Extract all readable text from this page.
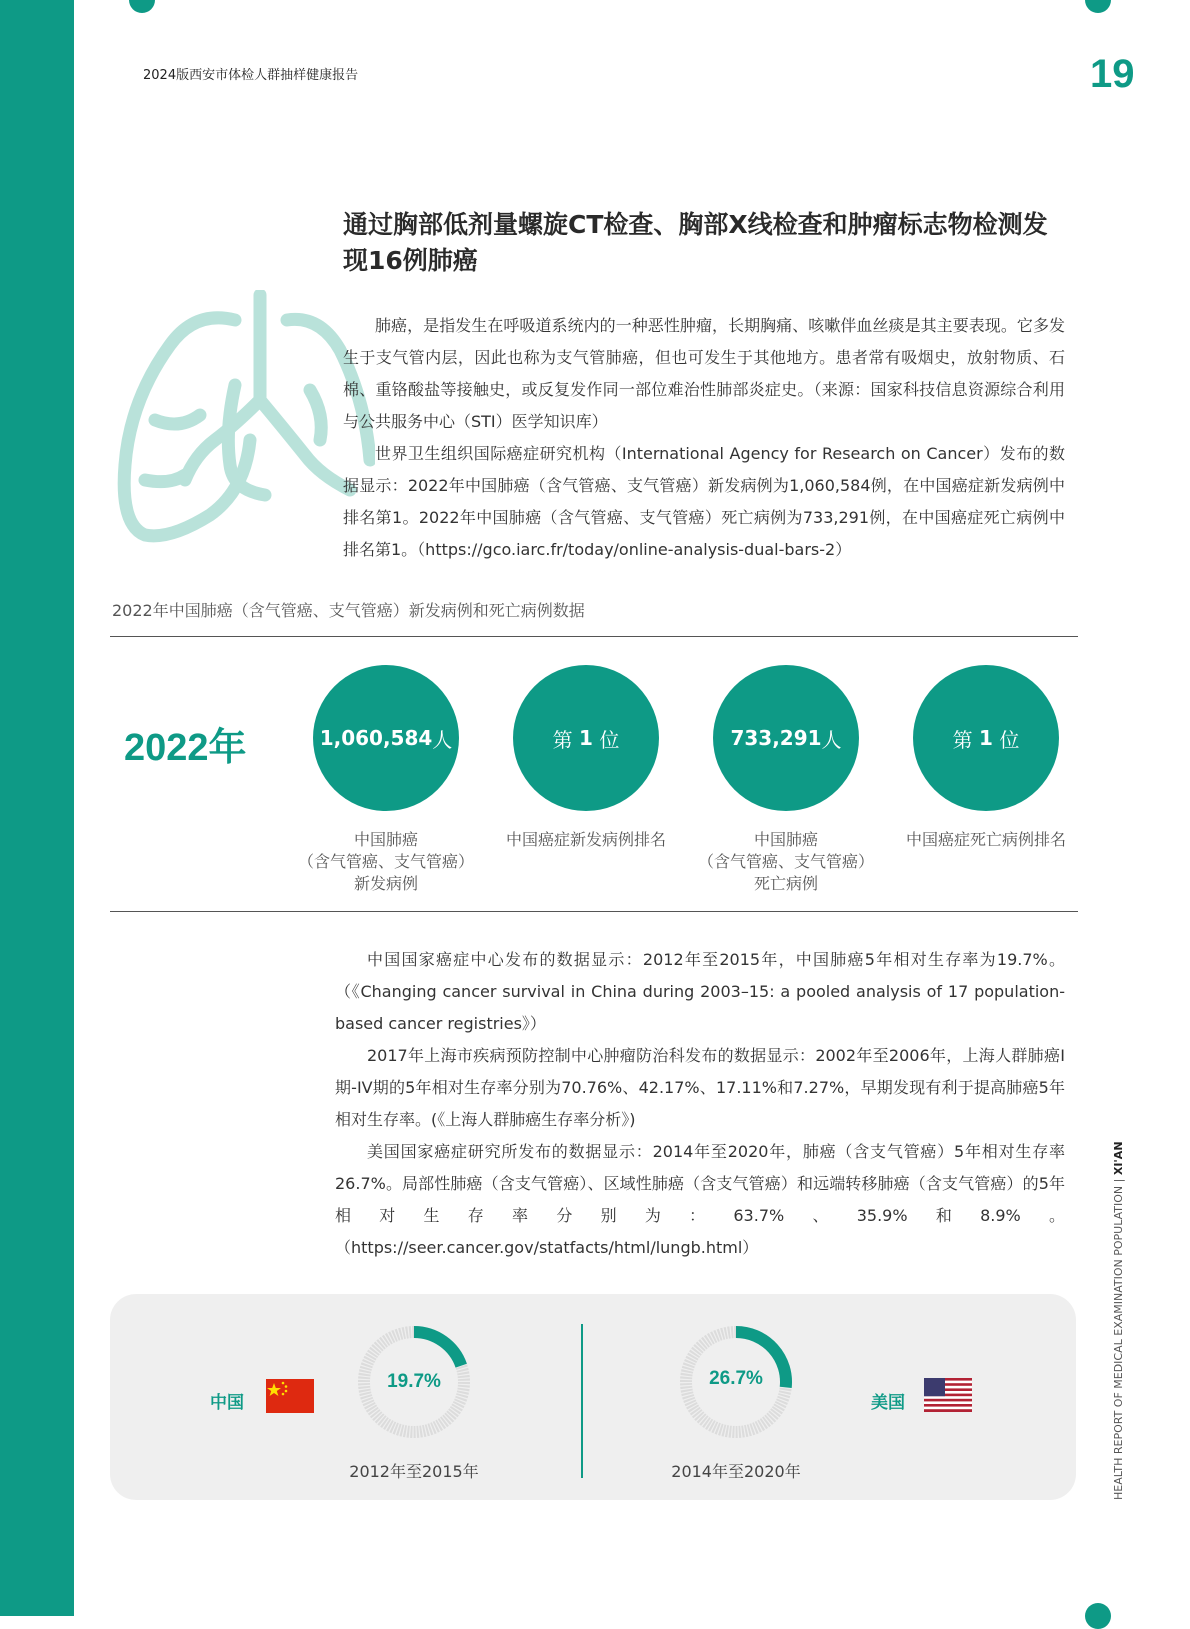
2024版西安市体检人群抽样健康报告	19
通过胸部低剂量螺旋CT检查、胸部X线检查和肿瘤标志物检测发现16例肺癌

肺癌，是指发生在呼吸道系统内的一种恶性肿瘤，长期胸痛、咳嗽伴血丝痰是其主要表现。它多发生于支气管内层，因此也称为支气管肺癌，但也可发生于其他地方。患者常有吸烟史，放射物质、石棉、重铬酸盐等接触史，或反复发作同一部位难治性肺部炎症史。（来源：国家科技信息资源综合利用与公共服务中心（STI）医学知识库）

世界卫生组织国际癌症研究机构（International Agency for Research on Cancer）发布的数据显示：2022年中国肺癌（含气管癌、支气管癌）新发病例为1,060,584例，在中国癌症新发病例中排名第1。2022年中国肺癌（含气管癌、支气管癌）死亡病例为733,291例，在中国癌症死亡病例中排名第1。（https://gco.iarc.fr/today/online-analysis-dual-bars-2）

2022年中国肺癌（含气管癌、支气管癌）新发病例和死亡病例数据
2022年	1,060,584 人
中国肺癌
（含气管癌、支气管癌）
新发病例
第
1
位
中国癌症新发病例排名
733,291 人
中国肺癌
（含气管癌、支气管癌）
死亡病例
第
1
位
中国癌症死亡病例排名

中国国家癌症中心发布的数据显示：2012年至2015年，中国肺癌5年相对生存率为19.7%。（《Changing cancer survival in China during 2003–15: a pooled analysis of 17 population-based cancer registries》）

2017年上海市疾病预防控制中心肿瘤防治科发布的数据显示：2002年至2006年，上海人群肺癌I期-IV期的5年相对生存率分别为70.76%、42.17%、17.11%和7.27%，早期发现有利于提高肺癌5年相对生存率。(《上海人群肺癌生存率分析》)

美国国家癌症研究所发布的数据显示：2014年至2020年，肺癌（含支气管癌）5年相对生存率26.7%。局部性肺癌（含支气管癌）、区域性肺癌（含支气管癌）和远端转移肺癌（含支气管癌）的5年相对生存率分别为：63.7%、35.9%和8.9%。（https://seer.cancer.gov/statfacts/html/lungb.html）

中国
19.7%
2012年至2015年
26.7%
2014年至2020年
美国	HEALTH REPORT OF MEDICAL EXAMINATION POPULATION | XI'AN
